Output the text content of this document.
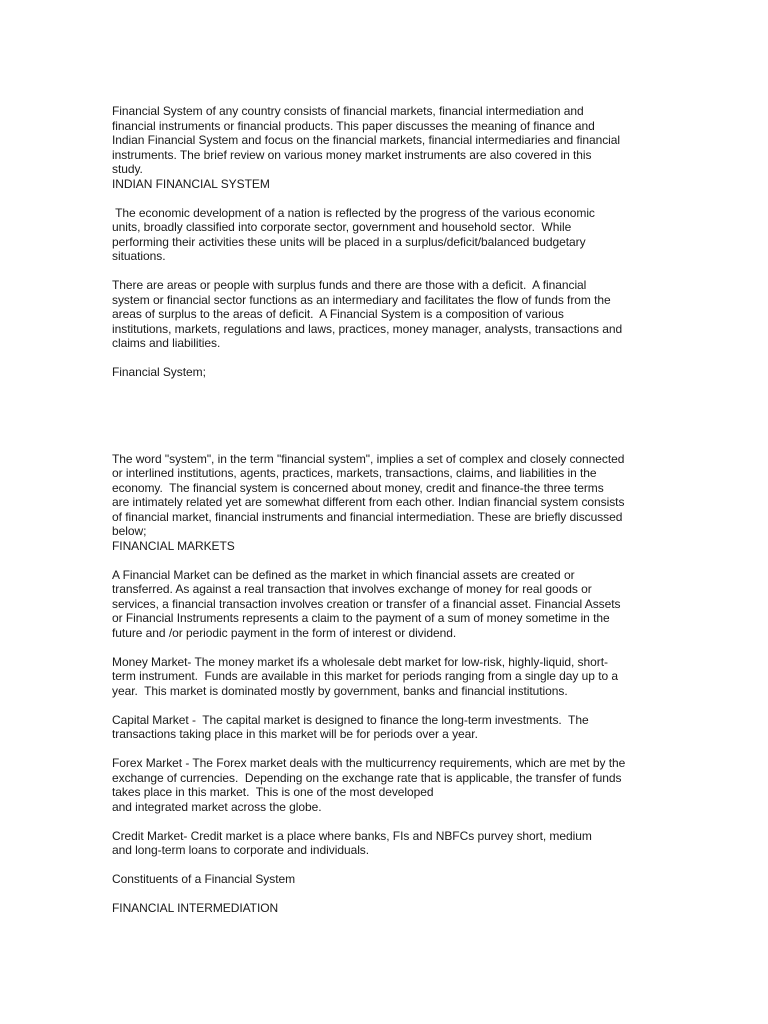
Financial System of any country consists of financial markets, financial intermediation and
financial instruments or financial products. This paper discusses the meaning of finance and
Indian Financial System and focus on the financial markets, financial intermediaries and financial
instruments. The brief review on various money market instruments are also covered in this
study.
INDIAN FINANCIAL SYSTEM
The economic development of a nation is reflected by the progress of the various economic
units, broadly classified into corporate sector, government and household sector.  While
performing their activities these units will be placed in a surplus/deficit/balanced budgetary
situations.
There are areas or people with surplus funds and there are those with a deficit.  A financial
system or financial sector functions as an intermediary and facilitates the flow of funds from the
areas of surplus to the areas of deficit.  A Financial System is a composition of various
institutions, markets, regulations and laws, practices, money manager, analysts, transactions and
claims and liabilities.
Financial System;
The word "system", in the term "financial system", implies a set of complex and closely connected
or interlined institutions, agents, practices, markets, transactions, claims, and liabilities in the
economy.  The financial system is concerned about money, credit and finance-the three terms
are intimately related yet are somewhat different from each other. Indian financial system consists
of financial market, financial instruments and financial intermediation. These are briefly discussed
below;
FINANCIAL MARKETS
A Financial Market can be defined as the market in which financial assets are created or
transferred. As against a real transaction that involves exchange of money for real goods or
services, a financial transaction involves creation or transfer of a financial asset. Financial Assets
or Financial Instruments represents a claim to the payment of a sum of money sometime in the
future and /or periodic payment in the form of interest or dividend.
Money Market- The money market ifs a wholesale debt market for low-risk, highly-liquid, short-
term instrument.  Funds are available in this market for periods ranging from a single day up to a
year.  This market is dominated mostly by government, banks and financial institutions.
Capital Market -  The capital market is designed to finance the long-term investments.  The
transactions taking place in this market will be for periods over a year.
Forex Market - The Forex market deals with the multicurrency requirements, which are met by the
exchange of currencies.  Depending on the exchange rate that is applicable, the transfer of funds
takes place in this market.  This is one of the most developed
and integrated market across the globe.
Credit Market- Credit market is a place where banks, FIs and NBFCs purvey short, medium
and long-term loans to corporate and individuals.
Constituents of a Financial System
FINANCIAL INTERMEDIATION
